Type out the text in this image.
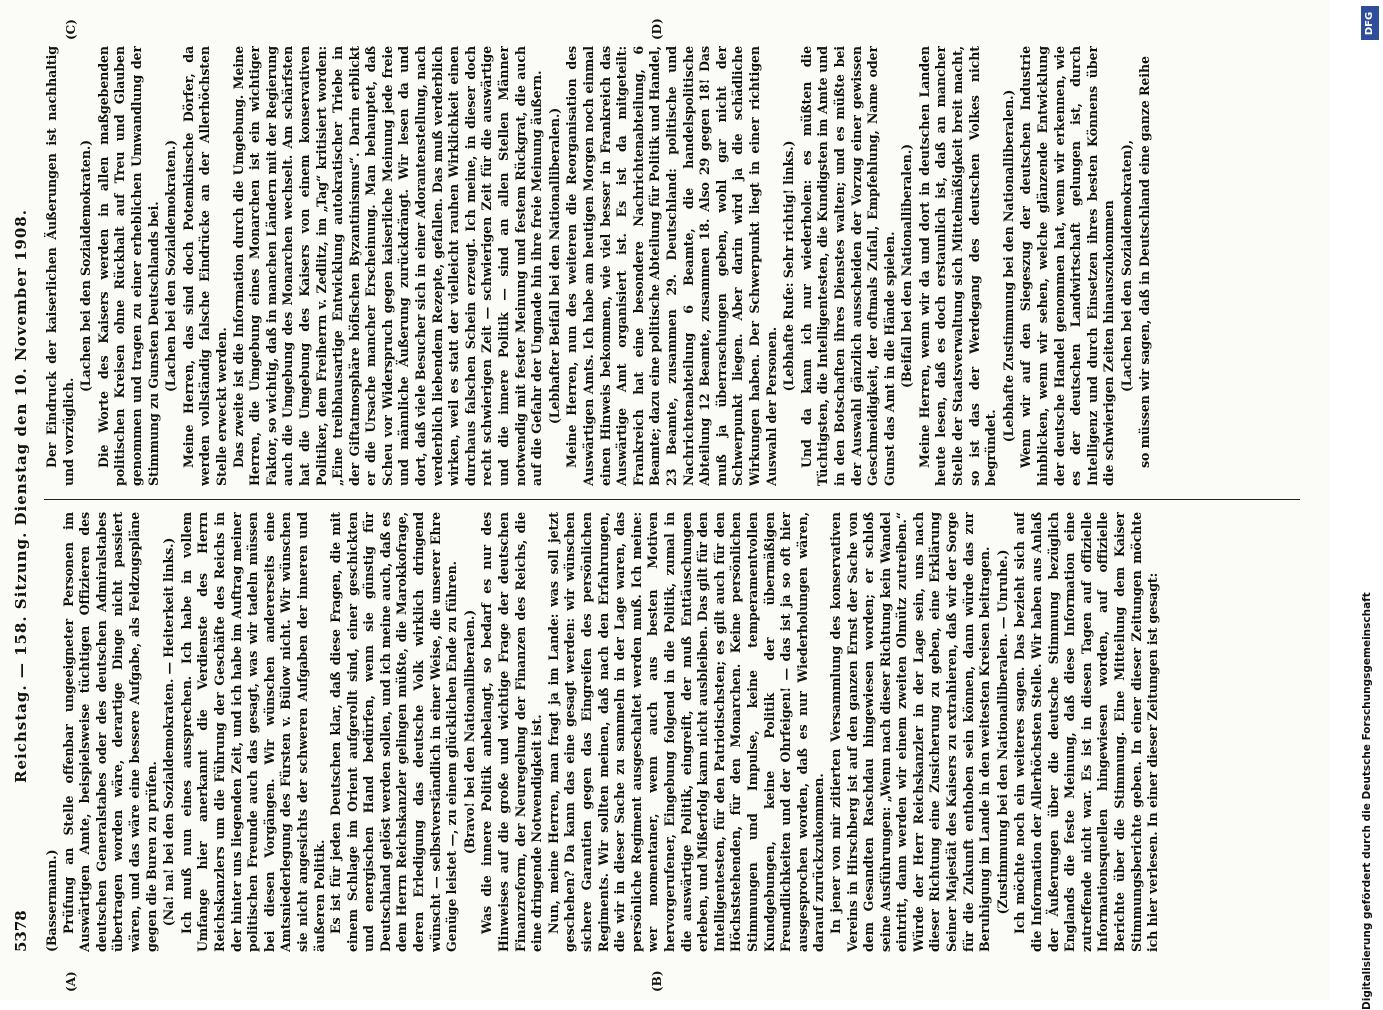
5378
Reichstag. — 158. Sitzung. Dienstag den 10. November 1908.
(A)	(B)
(C)	(D)

(Bassermann.) Prüfung an Stelle offenbar ungeeigneter Personen im Auswärtigen Amte, beispielsweise tüchtigen Offizieren des deutschen Generalstabes oder des deutschen Admiralstabes übertragen worden wäre, derartige Dinge nicht passiert wären, und das wäre eine bessere Aufgabe, als Feldzugspläne gegen die Buren zu prüfen. (Na! na! bei den Sozialdemokraten. — Heiterkeit links.) Ich muß nun eines aussprechen. Ich habe in vollem Umfange hier anerkannt die Verdienste des Herrn Reichskanzlers um die Führung der Geschäfte des Reichs in der hinter uns liegenden Zeit, und ich habe im Auftrag meiner politischen Freunde auch das gesagt, was wir tadeln müssen bei diesen Vorgängen. Wir wünschen andererseits eine Amtsniederlegung des Fürsten v. Bülow nicht. Wir wünschen sie nicht angesichts der schweren Aufgaben der inneren und äußeren Politik. Es ist für jeden Deutschen klar, daß diese Fragen, die mit einem Schlage im Orient aufgerollt sind, einer geschickten und energischen Hand bedürfen, wenn sie günstig für Deutschland gelöst werden sollen, und ich meine auch, daß es dem Herrn Reichskanzler gelingen müßte, die Marokkofrage, deren Erledigung das deutsche Volk wirklich dringend wünscht — selbstverständlich in einer Weise, die unserer Ehre Genüge leistet —, zu einem glücklichen Ende zu führen. (Bravo! bei den Nationalliberalen.) Was die innere Politik anbelangt, so bedarf es nur des Hinweises auf die große und wichtige Frage der deutschen Finanzreform, der Neuregelung der Finanzen des Reichs, die eine dringende Notwendigkeit ist. Nun, meine Herren, man fragt ja im Lande: was soll jetzt geschehen? Da kann das eine gesagt werden: wir wünschen sichere Garantien gegen das Eingreifen des persönlichen Regiments. Wir sollten meinen, daß nach den Erfahrungen, die wir in dieser Sache zu sammeln in der Lage waren, das persönliche Regiment ausgeschaltet werden muß. Ich meine: wer momentaner, wenn auch aus besten Motiven hervorgerufener, Eingebung folgend in die Politik, zumal in die auswärtige Politik, eingreift, der muß Enttäuschungen erleben, und Mißerfolg kann nicht ausbleiben. Das gilt für den Intelligentesten, für den Patriotischsten; es gilt auch für den Höchststehenden, für den Monarchen. Keine persönlichen Stimmungen und Impulse, keine temperamentvollen Kundgebungen, keine Politik der übermäßigen Freundlichkeiten und der Ohrfeigen! — das ist ja so oft hier ausgesprochen worden, daß es nur Wiederholungen wären, darauf zurückzukommen. In jener von mir zitierten Versammlung des konservativen Vereins in Hirschberg ist auf den ganzen Ernst der Sache von dem Gesandten Raschdau hingewiesen worden; er schloß seine Ausführungen: „Wenn nach dieser Richtung kein Wandel eintritt, dann werden wir einem zweiten Olmütz zutreiben.“ Würde der Herr Reichskanzler in der Lage sein, uns nach dieser Richtung eine Zusicherung zu geben, eine Erklärung Seiner Majestät des Kaisers zu extrahieren, daß wir der Sorge für die Zukunft enthoben sein können, dann würde das zur Beruhigung im Lande in den weitesten Kreisen beitragen. (Zustimmung bei den Nationalliberalen. — Unruhe.) Ich möchte noch ein weiteres sagen. Das bezieht sich auf die Information der Allerhöchsten Stelle. Wir haben aus Anlaß der Äußerungen über die deutsche Stimmung bezüglich Englands die feste Meinung, daß diese Information eine zutreffende nicht war. Es ist in diesen Tagen auf offizielle Informationsquellen hingewiesen worden, auf offizielle Berichte über die Stimmung. Eine Mitteilung dem Kaiser Stimmungsberichte geben. In einer dieser Zeitungen möchte ich hier verlesen. In einer dieser Zeitungen ist gesagt:

Der Eindruck der kaiserlichen Äußerungen ist nachhaltig und vorzüglich.

(Lachen bei den Sozialdemokraten.) Die Worte des Kaisers werden in allen maßgebenden politischen Kreisen ohne Rückhalt auf Treu und Glauben genommen und tragen zu einer erheblichen Umwandlung der Stimmung zu Gunsten Deutschlands bei. (Lachen bei den Sozialdemokraten.) Meine Herren, das sind doch Potemkinsche Dörfer, da werden vollständig falsche Eindrücke an der Allerhöchsten Stelle erweckt werden. Das zweite ist die Information durch die Umgebung. Meine Herren, die Umgebung eines Monarchen ist ein wichtiger Faktor, so wichtig, daß in manchen Ländern mit der Regierung auch die Umgebung des Monarchen wechselt. Am schärfsten hat die Umgebung des Kaisers von einem konservativen Politiker, dem Freiherrn v. Zedlitz, im „Tag“ kritisiert worden: „Eine treibhausartige Entwicklung autokratischer Triebe in der Giftatmosphäre höfischen Byzantinismus“. Darin erblickt er die Ursache mancher Erscheinung. Man behauptet, daß Scheu vor Widerspruch gegen kaiserliche Meinung jede freie und männliche Äußerung zurückdrängt. Wir lesen da und dort, daß viele Besucher sich in einer Adorantenstellung, nach verderblich liebendem Rezepte, gefallen. Das muß verderblich wirken, weil es statt der vielleicht rauhen Wirklichkeit einen durchaus falschen Schein erzeugt. Ich meine, in dieser doch recht schwierigen Zeit — schwierigen Zeit für die auswärtige und die innere Politik — sind an allen Stellen Männer notwendig mit fester Meinung und festem Rückgrat, die auch auf die Gefahr der Ungnade hin ihre freie Meinung äußern. (Lebhafter Beifall bei den Nationalliberalen.) Meine Herren, nun des weiteren die Reorganisation des Auswärtigen Amts. Ich habe am heutigen Morgen noch einmal einen Hinweis bekommen, wie viel besser in Frankreich das Auswärtige Amt organisiert ist. Es ist da mitgeteilt: Frankreich hat eine besondere Nachrichtenabteilung, 6 Beamte; dazu eine politische Abteilung für Politik und Handel, 23 Beamte, zusammen 29. Deutschland: politische und Nachrichtenabteilung 6 Beamte, die handelspolitische Abteilung 12 Beamte, zusammen 18. Also 29 gegen 18! Das muß ja überraschungen geben, wohl gar nicht der Schwerpunkt liegen. Aber darin wird ja die schädliche Wirkungen haben. Der Schwerpunkt liegt in einer richtigen Auswahl der Personen.

(Lebhafte Rufe: Sehr richtig! links.) Und da kann ich nur wiederholen: es müßten die Tüchtigsten, die Intelligentesten, die Kundigsten im Amte und in den Botschaften ihres Dienstes walten; und es müßte bei der Auswahl gänzlich ausscheiden der Vorzug einer gewissen Geschmeidigkeit, der oftmals Zufall, Empfehlung, Name oder Gunst das Amt in die Hände spielen. (Beifall bei den Nationalliberalen.) Meine Herren, wenn wir da und dort in deutschen Landen heute lesen, daß es doch erstaunlich ist, daß an mancher Stelle der Staatsverwaltung sich Mittelmäßigkeit breit macht, so ist das der Werdegang des deutschen Volkes nicht begründet.

(Lebhafte Zustimmung bei den Nationalliberalen.) Wenn wir auf den Siegeszug der deutschen Industrie hinblicken, wenn wir sehen, welche glänzende Entwicklung der deutsche Handel genommen hat, wenn wir erkennen, wie es der deutschen Landwirtschaft gelungen ist, durch Intelligenz und durch Einsetzen ihres besten Könnens über die schwierigen Zeiten hinauszukommen (Lachen bei den Sozialdemokraten), so müssen wir sagen, daß in Deutschland eine ganze Reihe

DFG
Digitalisierung gefördert durch die Deutsche Forschungsgemeinschaft
